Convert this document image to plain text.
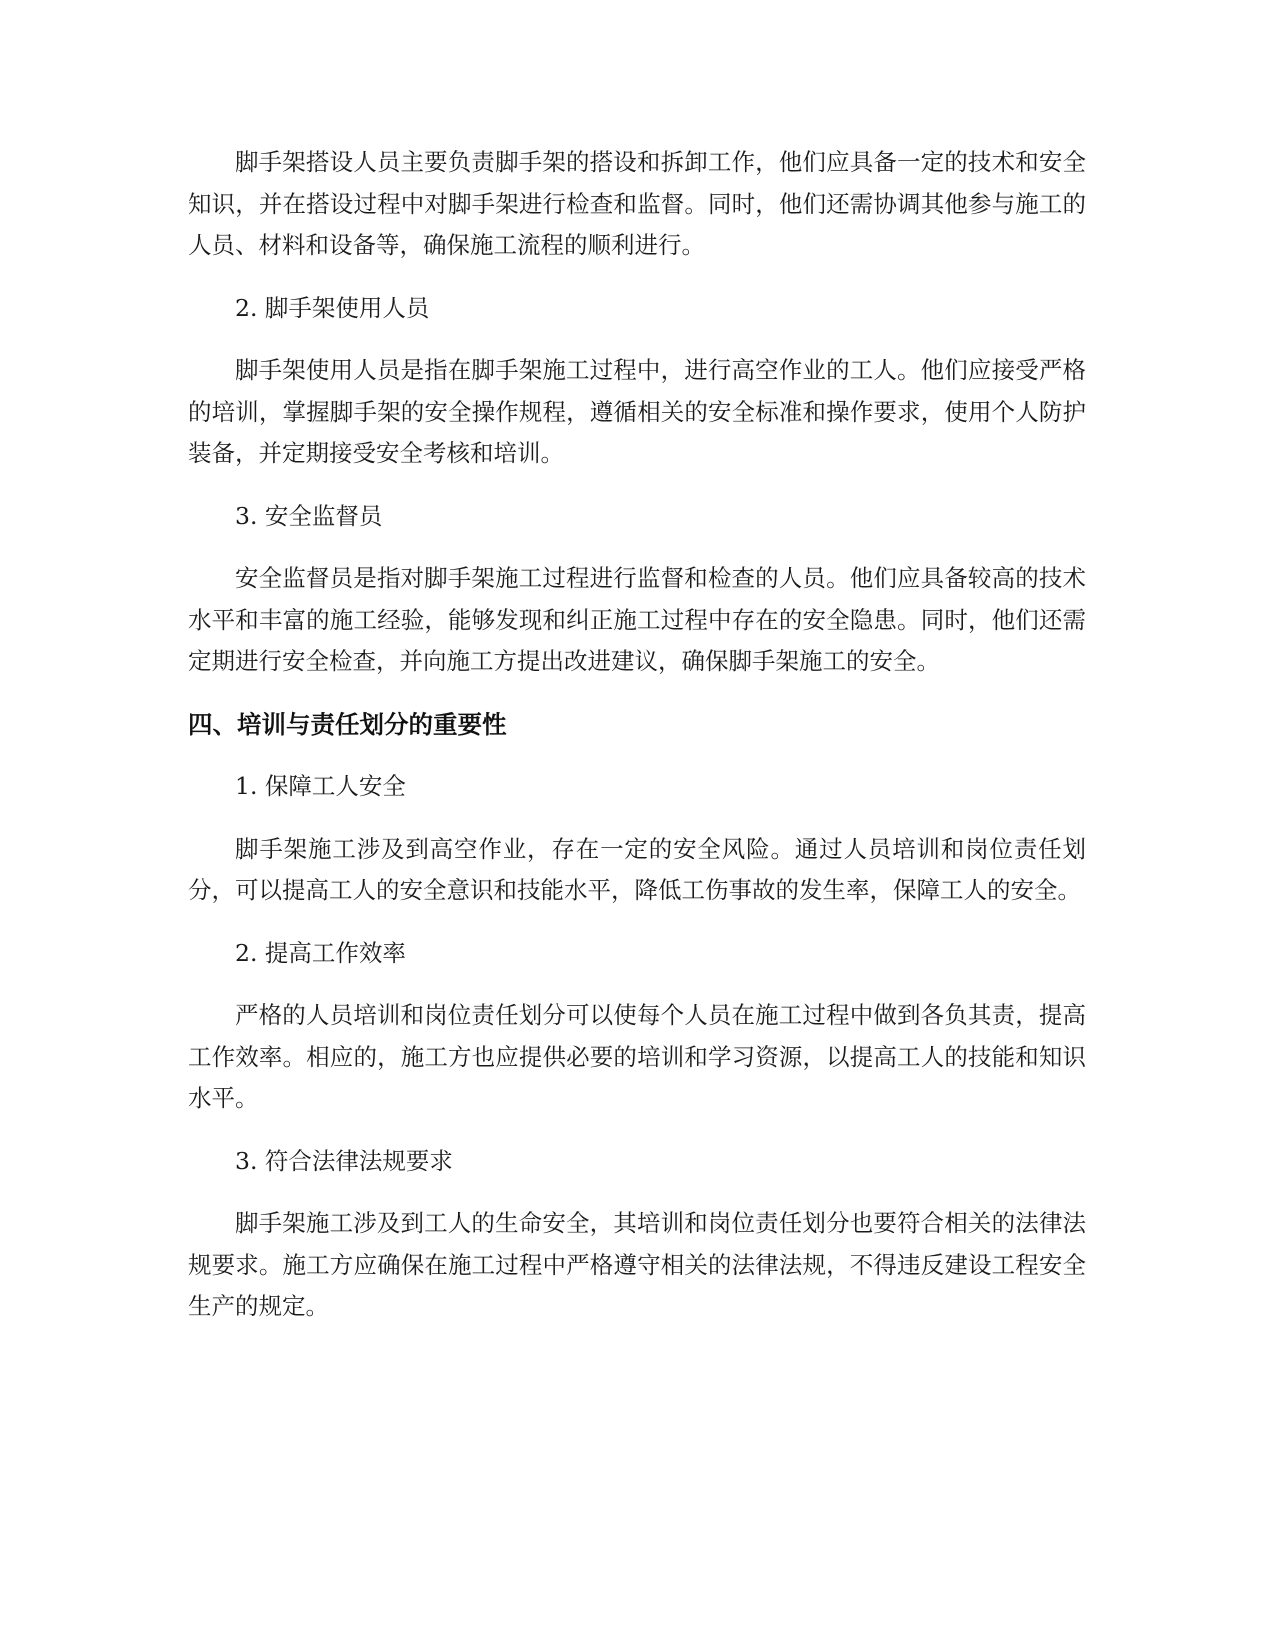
脚手架搭设人员主要负责脚手架的搭设和拆卸工作，他们应具备一定的技术和安全知识，并在搭设过程中对脚手架进行检查和监督。同时，他们还需协调其他参与施工的人员、材料和设备等，确保施工流程的顺利进行。

2. 脚手架使用人员

脚手架使用人员是指在脚手架施工过程中，进行高空作业的工人。他们应接受严格的培训，掌握脚手架的安全操作规程，遵循相关的安全标准和操作要求，使用个人防护装备，并定期接受安全考核和培训。

3. 安全监督员

安全监督员是指对脚手架施工过程进行监督和检查的人员。他们应具备较高的技术水平和丰富的施工经验，能够发现和纠正施工过程中存在的安全隐患。同时，他们还需定期进行安全检查，并向施工方提出改进建议，确保脚手架施工的安全。

四、培训与责任划分的重要性

1. 保障工人安全

脚手架施工涉及到高空作业，存在一定的安全风险。通过人员培训和岗位责任划分，可以提高工人的安全意识和技能水平，降低工伤事故的发生率，保障工人的安全。

2. 提高工作效率

严格的人员培训和岗位责任划分可以使每个人员在施工过程中做到各负其责，提高工作效率。相应的，施工方也应提供必要的培训和学习资源，以提高工人的技能和知识水平。

3. 符合法律法规要求

脚手架施工涉及到工人的生命安全，其培训和岗位责任划分也要符合相关的法律法规要求。施工方应确保在施工过程中严格遵守相关的法律法规，不得违反建设工程安全生产的规定。
